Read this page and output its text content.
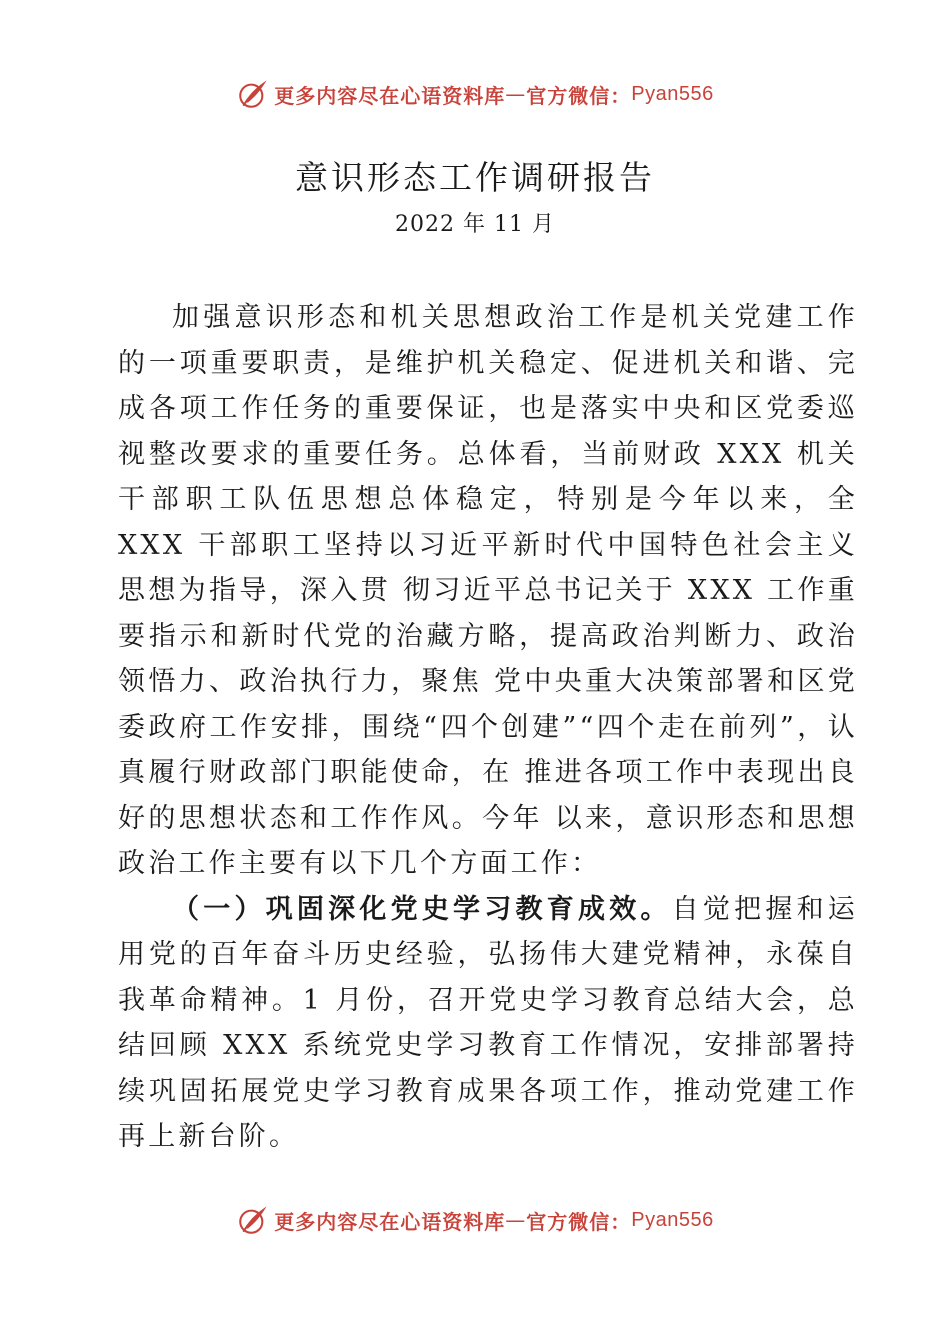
更多内容尽在心语资料库 — 官方微信： Pyan556
意识形态工作调研报告
2022 年 11 月

加强意识形态和机关思想政治工作是机关党建工作的一项重要职责，是维护机关稳定、促进机关和谐、完成各项工作任务的重要保证，也是落实中央和区党委巡视整改要求的重要任务。总体看，当前财政 XXX 机关干部职工队伍思想总体稳定，特别是今年以来，全 XXX 干部职工坚持以习近平新时代中国特色社会主义思想为指导，深入贯 彻习近平总书记关于 XXX 工作重要指示和新时代党的治藏方略，提高政治判断力、政治领悟力、政治执行力，聚焦 党中央重大决策部署和区党委政府工作安排，围绕“四个创建”“四个走在前列”，认真履行财政部门职能使命，在 推进各项工作中表现出良好的思想状态和工作作风。今年 以来，意识形态和思想政治工作主要有以下几个方面工作：

（一）巩固深化党史学习教育成效。自觉把握和运用党的百年奋斗历史经验，弘扬伟大建党精神，永葆自我革命精神。1 月份，召开党史学习教育总结大会，总结回顾 XXX 系统党史学习教育工作情况，安排部署持续巩固拓展党史学习教育成果各项工作，推动党建工作再上新台阶。

更多内容尽在心语资料库 — 官方微信： Pyan556
